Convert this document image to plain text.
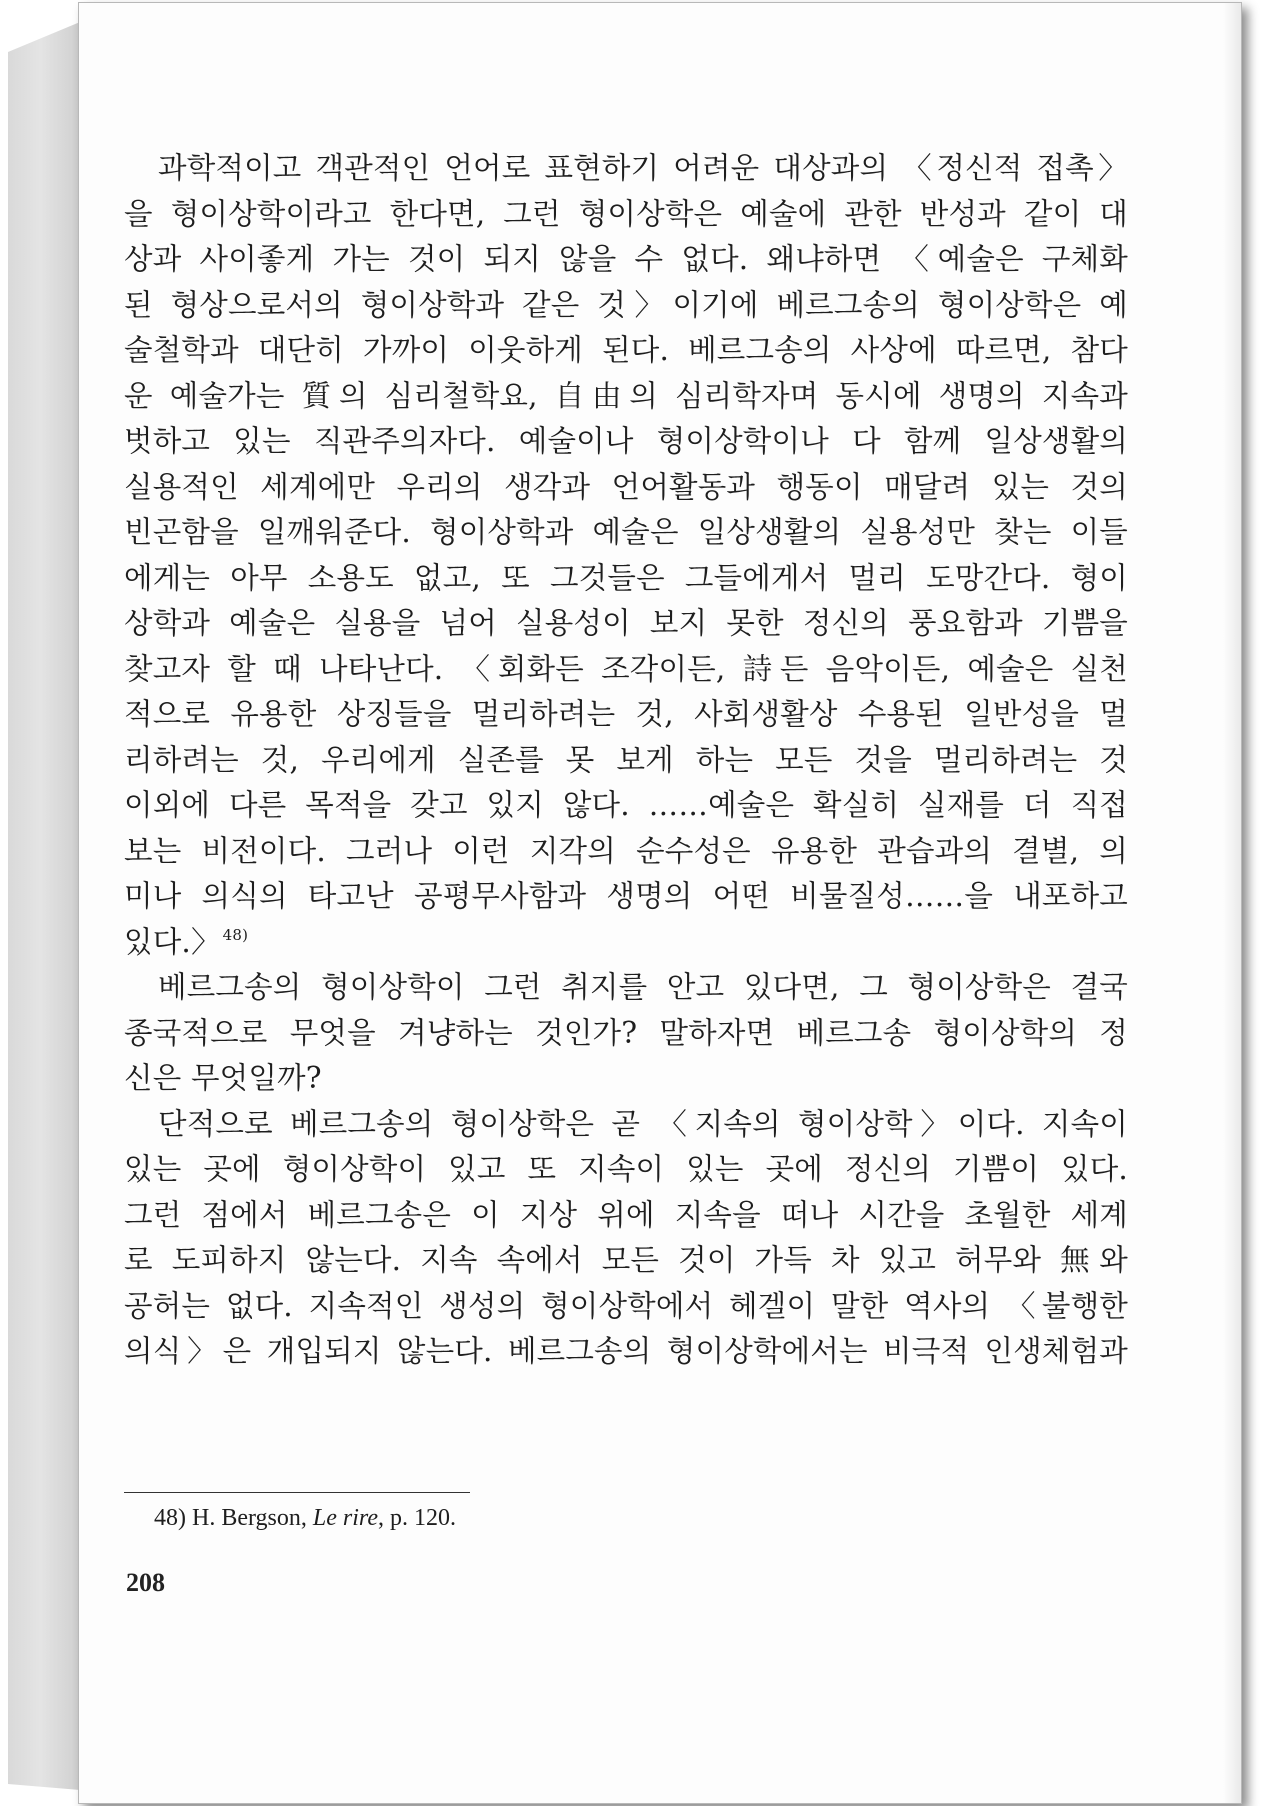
과학적이고 객관적인 언어로 표현하기 어려운 대상과의 〈정신적 접촉〉
을 형이상학이라고 한다면, 그런 형이상학은 예술에 관한 반성과 같이 대
상과 사이좋게 가는 것이 되지 않을 수 없다. 왜냐하면 〈예술은 구체화
된 형상으로서의 형이상학과 같은 것〉이기에 베르그송의 형이상학은 예
술철학과 대단히 가까이 이웃하게 된다. 베르그송의 사상에 따르면, 참다
운 예술가는 質의 심리철학요, 自由의 심리학자며 동시에 생명의 지속과
벗하고 있는 직관주의자다. 예술이나 형이상학이나 다 함께 일상생활의
실용적인 세계에만 우리의 생각과 언어활동과 행동이 매달려 있는 것의
빈곤함을 일깨워준다. 형이상학과 예술은 일상생활의 실용성만 찾는 이들
에게는 아무 소용도 없고, 또 그것들은 그들에게서 멀리 도망간다. 형이
상학과 예술은 실용을 넘어 실용성이 보지 못한 정신의 풍요함과 기쁨을
찾고자 할 때 나타난다. 〈회화든 조각이든, 詩든 음악이든, 예술은 실천
적으로 유용한 상징들을 멀리하려는 것, 사회생활상 수용된 일반성을 멀
리하려는 것, 우리에게 실존를 못 보게 하는 모든 것을 멀리하려는 것
이외에 다른 목적을 갖고 있지 않다. ……예술은 확실히 실재를 더 직접
보는 비전이다. 그러나 이런 지각의 순수성은 유용한 관습과의 결별, 의
미나 의식의 타고난 공평무사함과 생명의 어떤 비물질성……을 내포하고
있다.〉 $^{48)}$
베르그송의 형이상학이 그런 취지를 안고 있다면, 그 형이상학은 결국
종국적으로 무엇을 겨냥하는 것인가? 말하자면 베르그송 형이상학의 정
신은 무엇일까?
단적으로 베르그송의 형이상학은 곧 〈지속의 형이상학〉이다. 지속이
있는 곳에 형이상학이 있고 또 지속이 있는 곳에 정신의 기쁨이 있다.
그런 점에서 베르그송은 이 지상 위에 지속을 떠나 시간을 초월한 세계
로 도피하지 않는다. 지속 속에서 모든 것이 가득 차 있고 허무와 無와
공허는 없다. 지속적인 생성의 형이상학에서 헤겔이 말한 역사의 〈불행한
의식〉은 개입되지 않는다. 베르그송의 형이상학에서는 비극적 인생체험과
48) H. Bergson, Le rire, p. 120.
208
